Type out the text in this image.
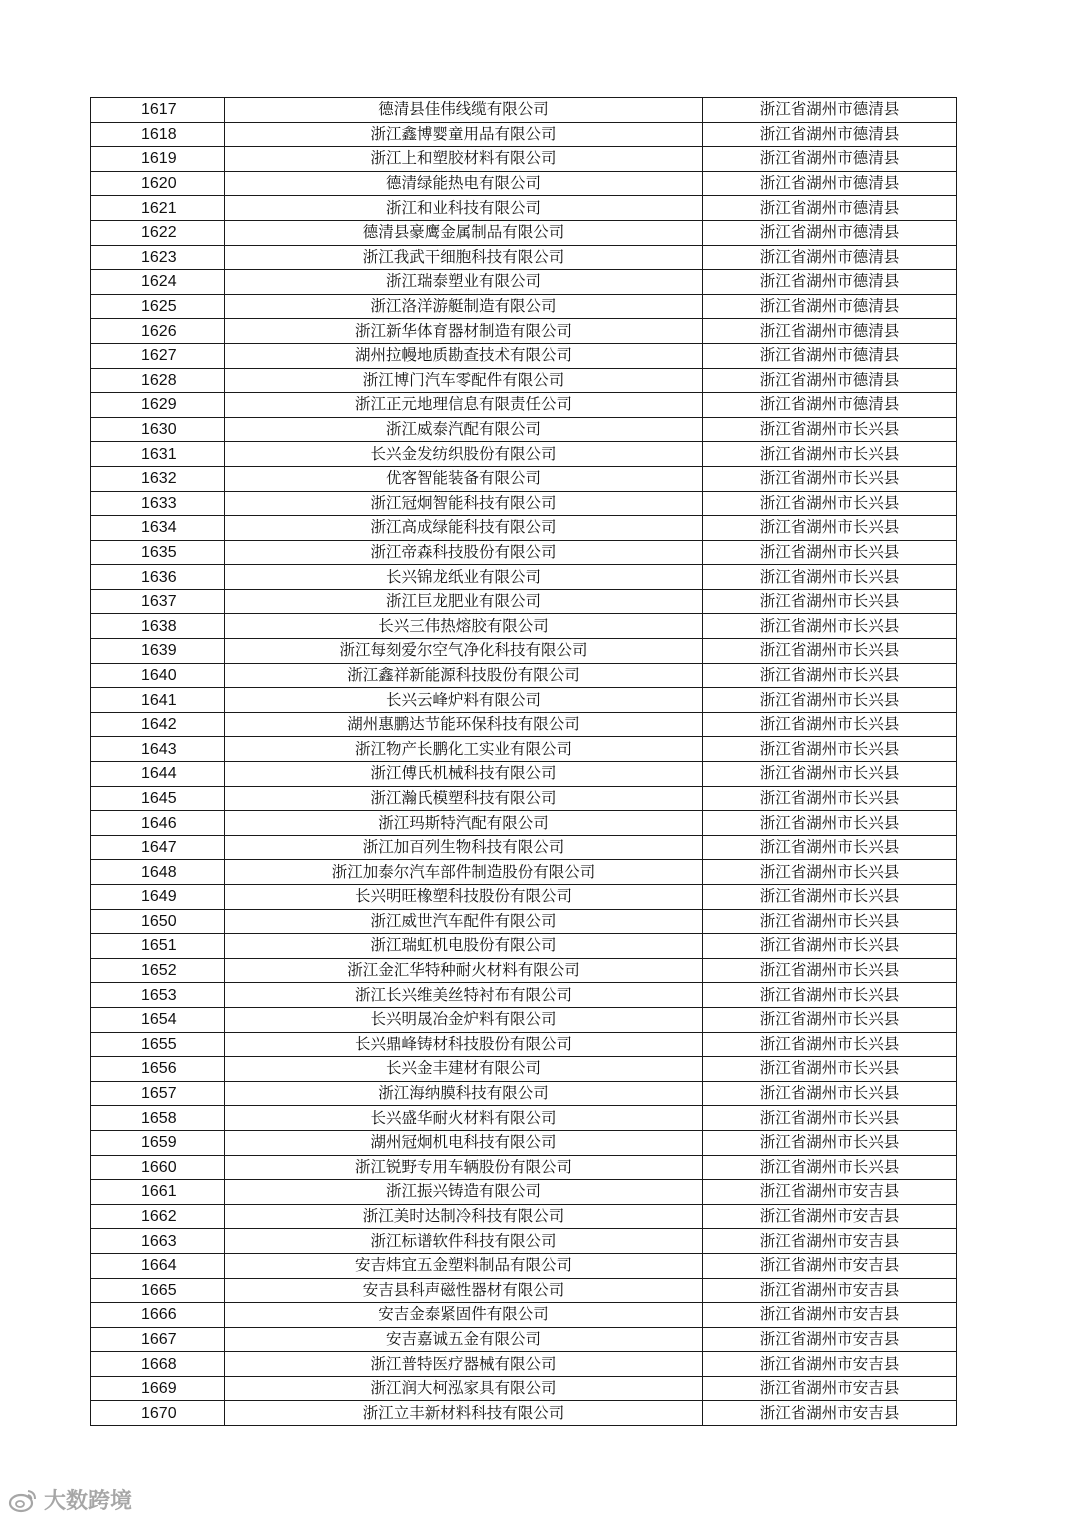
1617	德清县佳伟线缆有限公司	浙江省湖州市德清县
1618	浙江鑫博婴童用品有限公司	浙江省湖州市德清县
1619	浙江上和塑胶材料有限公司	浙江省湖州市德清县
1620	德清绿能热电有限公司	浙江省湖州市德清县
1621	浙江和业科技有限公司	浙江省湖州市德清县
1622	德清县豪鹰金属制品有限公司	浙江省湖州市德清县
1623	浙江我武干细胞科技有限公司	浙江省湖州市德清县
1624	浙江瑞泰塑业有限公司	浙江省湖州市德清县
1625	浙江洛洋游艇制造有限公司	浙江省湖州市德清县
1626	浙江新华体育器材制造有限公司	浙江省湖州市德清县
1627	湖州拉幔地质勘查技术有限公司	浙江省湖州市德清县
1628	浙江博门汽车零配件有限公司	浙江省湖州市德清县
1629	浙江正元地理信息有限责任公司	浙江省湖州市德清县
1630	浙江威泰汽配有限公司	浙江省湖州市长兴县
1631	长兴金发纺织股份有限公司	浙江省湖州市长兴县
1632	优客智能装备有限公司	浙江省湖州市长兴县
1633	浙江冠炯智能科技有限公司	浙江省湖州市长兴县
1634	浙江高成绿能科技有限公司	浙江省湖州市长兴县
1635	浙江帝森科技股份有限公司	浙江省湖州市长兴县
1636	长兴锦龙纸业有限公司	浙江省湖州市长兴县
1637	浙江巨龙肥业有限公司	浙江省湖州市长兴县
1638	长兴三伟热熔胶有限公司	浙江省湖州市长兴县
1639	浙江每刻爱尔空气净化科技有限公司	浙江省湖州市长兴县
1640	浙江鑫祥新能源科技股份有限公司	浙江省湖州市长兴县
1641	长兴云峰炉料有限公司	浙江省湖州市长兴县
1642	湖州惠鹏达节能环保科技有限公司	浙江省湖州市长兴县
1643	浙江物产长鹏化工实业有限公司	浙江省湖州市长兴县
1644	浙江傅氏机械科技有限公司	浙江省湖州市长兴县
1645	浙江瀚氏模塑科技有限公司	浙江省湖州市长兴县
1646	浙江玛斯特汽配有限公司	浙江省湖州市长兴县
1647	浙江加百列生物科技有限公司	浙江省湖州市长兴县
1648	浙江加泰尔汽车部件制造股份有限公司	浙江省湖州市长兴县
1649	长兴明旺橡塑科技股份有限公司	浙江省湖州市长兴县
1650	浙江威世汽车配件有限公司	浙江省湖州市长兴县
1651	浙江瑞虹机电股份有限公司	浙江省湖州市长兴县
1652	浙江金汇华特种耐火材料有限公司	浙江省湖州市长兴县
1653	浙江长兴维美丝特衬布有限公司	浙江省湖州市长兴县
1654	长兴明晟冶金炉料有限公司	浙江省湖州市长兴县
1655	长兴鼎峰铸材科技股份有限公司	浙江省湖州市长兴县
1656	长兴金丰建材有限公司	浙江省湖州市长兴县
1657	浙江海纳膜科技有限公司	浙江省湖州市长兴县
1658	长兴盛华耐火材料有限公司	浙江省湖州市长兴县
1659	湖州冠炯机电科技有限公司	浙江省湖州市长兴县
1660	浙江锐野专用车辆股份有限公司	浙江省湖州市长兴县
1661	浙江振兴铸造有限公司	浙江省湖州市安吉县
1662	浙江美时达制冷科技有限公司	浙江省湖州市安吉县
1663	浙江标谱软件科技有限公司	浙江省湖州市安吉县
1664	安吉炜宜五金塑料制品有限公司	浙江省湖州市安吉县
1665	安吉县科声磁性器材有限公司	浙江省湖州市安吉县
1666	安吉金泰紧固件有限公司	浙江省湖州市安吉县
1667	安吉嘉诚五金有限公司	浙江省湖州市安吉县
1668	浙江普特医疗器械有限公司	浙江省湖州市安吉县
1669	浙江润大柯泓家具有限公司	浙江省湖州市安吉县
1670	浙江立丰新材料科技有限公司	浙江省湖州市安吉县
大数跨境
